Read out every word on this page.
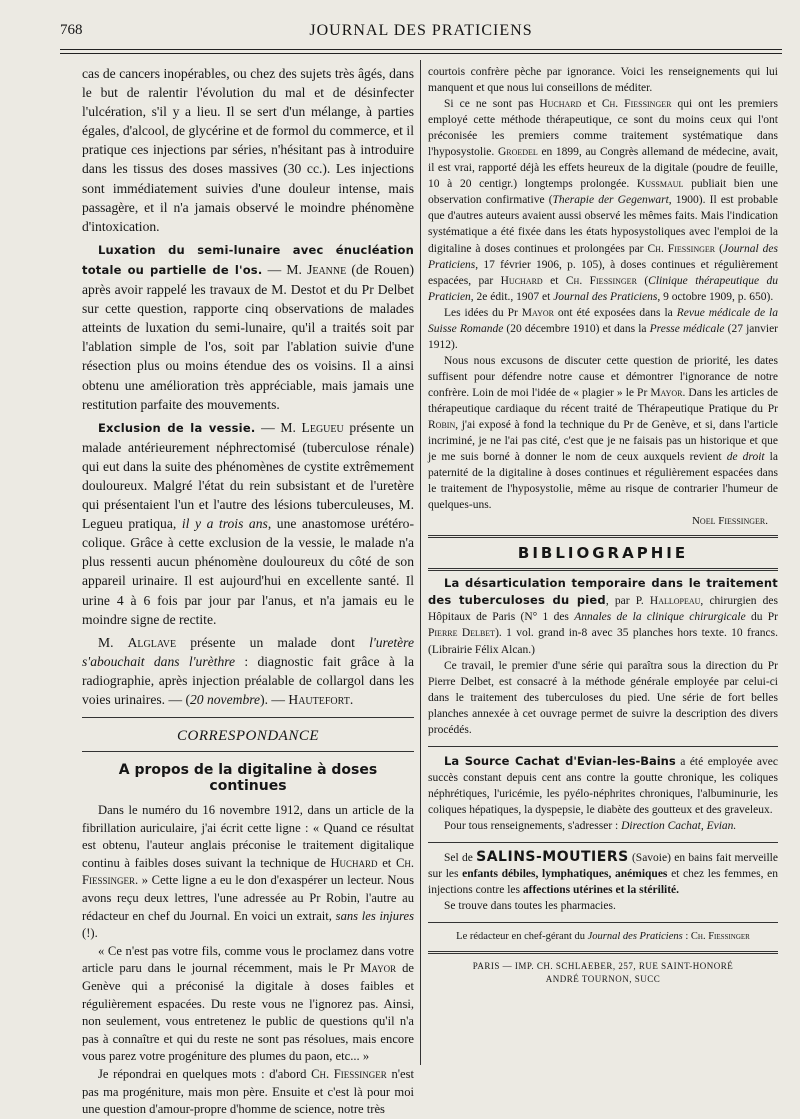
768	JOURNAL DES PRATICIENS

cas de cancers inopérables, ou chez des sujets très âgés, dans le but de ralentir l'évolution du mal et de désinfecter l'ulcération, s'il y a lieu. Il se sert d'un mélange, à parties égales, d'alcool, de glycérine et de formol du commerce, et il pratique ces injections par séries, n'hésitant pas à introduire dans les tissus des doses massives (30 cc.). Les injections sont immédiatement suivies d'une douleur intense, mais passagère, et il n'a jamais observé le moindre phénomène d'intoxication.

Luxation du semi-lunaire avec énucléation totale ou partielle de l'os. — M. Jeanne (de Rouen) après avoir rappelé les travaux de M. Destot et du Pr Delbet sur cette question, rapporte cinq observations de malades atteints de luxation du semi-lunaire, qu'il a traités soit par l'ablation simple de l'os, soit par l'ablation suivie d'une résection plus ou moins étendue des os voisins. Il a ainsi obtenu une amélioration très appréciable, mais jamais une restitution parfaite des mouvements.

Exclusion de la vessie. — M. Legueu présente un malade antérieurement néphrectomisé (tuberculose rénale) qui eut dans la suite des phénomènes de cystite extrêmement douloureux. Malgré l'état du rein subsistant et de l'uretère qui présentaient l'un et l'autre des lésions tuberculeuses, M. Legueu pratiqua, il y a trois ans, une anastomose urétéro-colique. Grâce à cette exclusion de la vessie, le malade n'a plus ressenti aucun phénomène douloureux du côté de son appareil urinaire. Il est aujourd'hui en excellente santé. Il urine 4 à 6 fois par jour par l'anus, et n'a jamais eu le moindre signe de rectite.

M. Alglave présente un malade dont l'uretère s'abouchait dans l'urèthre : diagnostic fait grâce à la radiographie, après injection préalable de collargol dans les voies urinaires. — (20 novembre). — Hautefort.

CORRESPONDANCE
A propos de la digitaline à doses continues

Dans le numéro du 16 novembre 1912, dans un article de la fibrillation auriculaire, j'ai écrit cette ligne : « Quand ce résultat est obtenu, l'auteur anglais préconise le traitement digitalique continu à faibles doses suivant la technique de Huchard et Ch. Fiessinger. » Cette ligne a eu le don d'exaspérer un lecteur. Nous avons reçu deux lettres, l'une adressée au Pr Robin, l'autre au rédacteur en chef du Journal. En voici un extrait, sans les injures (!).

« Ce n'est pas votre fils, comme vous le proclamez dans votre article paru dans le journal récemment, mais le Pr Mayor de Genève qui a préconisé la digitale à doses faibles et régulièrement espacées. Du reste vous ne l'ignorez pas. Ainsi, non seulement, vous entretenez le public de questions qu'il n'a pas à connaître et qui du reste ne sont pas résolues, mais encore vous parez votre progéniture des plumes du paon, etc... »

Je répondrai en quelques mots : d'abord Ch. Fiessinger n'est pas ma progéniture, mais mon père. Ensuite et c'est là pour moi une question d'amour-propre d'homme de science, notre très

courtois confrère pèche par ignorance. Voici les renseignements qui lui manquent et que nous lui conseillons de méditer.

Si ce ne sont pas Huchard et Ch. Fiessinger qui ont les premiers employé cette méthode thérapeutique, ce sont du moins ceux qui l'ont préconisée les premiers comme traitement systématique dans l'hyposystolie. Groedel en 1899, au Congrès allemand de médecine, avait, il est vrai, rapporté déjà les effets heureux de la digitale (poudre de feuille, 10 à 20 centigr.) longtemps prolongée. Kussmaul publiait bien une observation confirmative (Therapie der Gegenwart, 1900). Il est probable que d'autres auteurs avaient aussi observé les mêmes faits. Mais l'indication systématique a été fixée dans les états hyposystoliques avec l'emploi de la digitaline à doses continues et prolongées par Ch. Fiessinger (Journal des Praticiens, 17 février 1906, p. 105), à doses continues et régulièrement espacées, par Huchard et Ch. Fiessinger (Clinique thérapeutique du Praticien, 2e édit., 1907 et Journal des Praticiens, 9 octobre 1909, p. 650).

Les idées du Pr Mayor ont été exposées dans la Revue médicale de la Suisse Romande (20 décembre 1910) et dans la Presse médicale (27 janvier 1912).

Nous nous excusons de discuter cette question de priorité, les dates suffisent pour défendre notre cause et démontrer l'ignorance de notre confrère. Loin de moi l'idée de « plagier » le Pr Mayor. Dans les articles de thérapeutique cardiaque du récent traité de Thérapeutique Pratique du Pr Robin, j'ai exposé à fond la technique du Pr de Genève, et si, dans l'article incriminé, je ne l'ai pas cité, c'est que je ne faisais pas un historique et que je me suis borné à donner le nom de ceux auxquels revient de droit la paternité de la digitaline à doses continues et régulièrement espacées dans le traitement de l'hyposystolie, même au risque de contrarier l'humeur de quelques-uns.

Noel Fiessinger.
BIBLIOGRAPHIE

La désarticulation temporaire dans le traitement des tuberculoses du pied, par P. Hallopeau, chirurgien des Hôpitaux de Paris (N° 1 des Annales de la clinique chirurgicale du Pr Pierre Delbet). 1 vol. grand in-8 avec 35 planches hors texte. 10 francs. (Librairie Félix Alcan.)

Ce travail, le premier d'une série qui paraîtra sous la direction du Pr Pierre Delbet, est consacré à la méthode générale employée par celui-ci dans le traitement des tuberculoses du pied. Une série de fort belles planches annexée à cet ouvrage permet de suivre la description des divers procédés.

La Source Cachat d'Evian-les-Bains a été employée avec succès constant depuis cent ans contre la goutte chronique, les coliques néphrétiques, l'uricémie, les pyélo-néphrites chroniques, l'albuminurie, les coliques hépatiques, la dyspepsie, le diabète des goutteux et des graveleux.

Pour tous renseignements, s'adresser : Direction Cachat, Evian.

Sel de SALINS-MOUTIERS (Savoie) en bains fait merveille sur les enfants débiles, lymphatiques, anémiques et chez les femmes, en injections contre les affections utérines et la stérilité.

Se trouve dans toutes les pharmacies.

Le rédacteur en chef-gérant du Journal des Praticiens : Ch. Fiessinger

PARIS — IMP. CH. SCHLAEBER, 257, RUE SAINT-HONORÉ
ANDRÉ TOURNON, SUCC
